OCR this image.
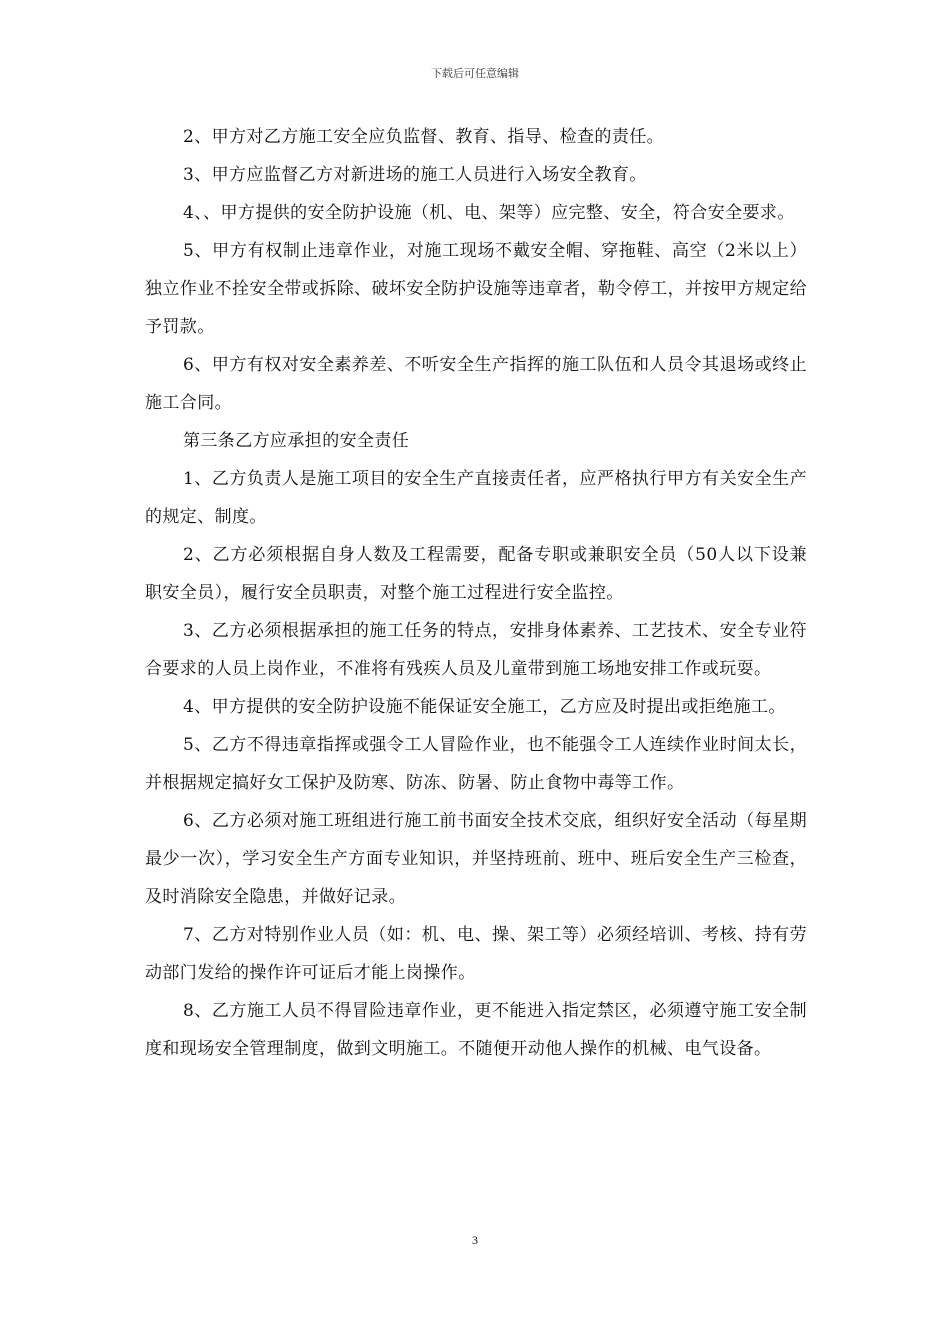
下载后可任意编辑

2、甲方对乙方施工安全应负监督、教育、指导、检查的责任。

3、甲方应监督乙方对新进场的施工人员进行入场安全教育。

4、、甲方提供的安全防护设施（机、电、架等）应完整、安全，符合安全要求。

5、甲方有权制止违章作业，对施工现场不戴安全帽、穿拖鞋、高空（2米以上）独立作业不拴安全带或拆除、破坏安全防护设施等违章者，勒令停工，并按甲方规定给予罚款。

6、甲方有权对安全素养差、不听安全生产指挥的施工队伍和人员令其退场或终止施工合同。

第三条乙方应承担的安全责任

1、乙方负责人是施工项目的安全生产直接责任者，应严格执行甲方有关安全生产的规定、制度。

2、乙方必须根据自身人数及工程需要，配备专职或兼职安全员（50人以下设兼职安全员），履行安全员职责，对整个施工过程进行安全监控。

3、乙方必须根据承担的施工任务的特点，安排身体素养、工艺技术、安全专业符合要求的人员上岗作业，不准将有残疾人员及儿童带到施工场地安排工作或玩耍。

4、甲方提供的安全防护设施不能保证安全施工，乙方应及时提出或拒绝施工。

5、乙方不得违章指挥或强令工人冒险作业，也不能强令工人连续作业时间太长，并根据规定搞好女工保护及防寒、防冻、防暑、防止食物中毒等工作。

6、乙方必须对施工班组进行施工前书面安全技术交底，组织好安全活动（每星期最少一次），学习安全生产方面专业知识，并坚持班前、班中、班后安全生产三检查，及时消除安全隐患，并做好记录。

7、乙方对特别作业人员（如：机、电、操、架工等）必须经培训、考核、持有劳动部门发给的操作许可证后才能上岗操作。

8、乙方施工人员不得冒险违章作业，更不能进入指定禁区，必须遵守施工安全制度和现场安全管理制度，做到文明施工。不随便开动他人操作的机械、电气设备。

3
